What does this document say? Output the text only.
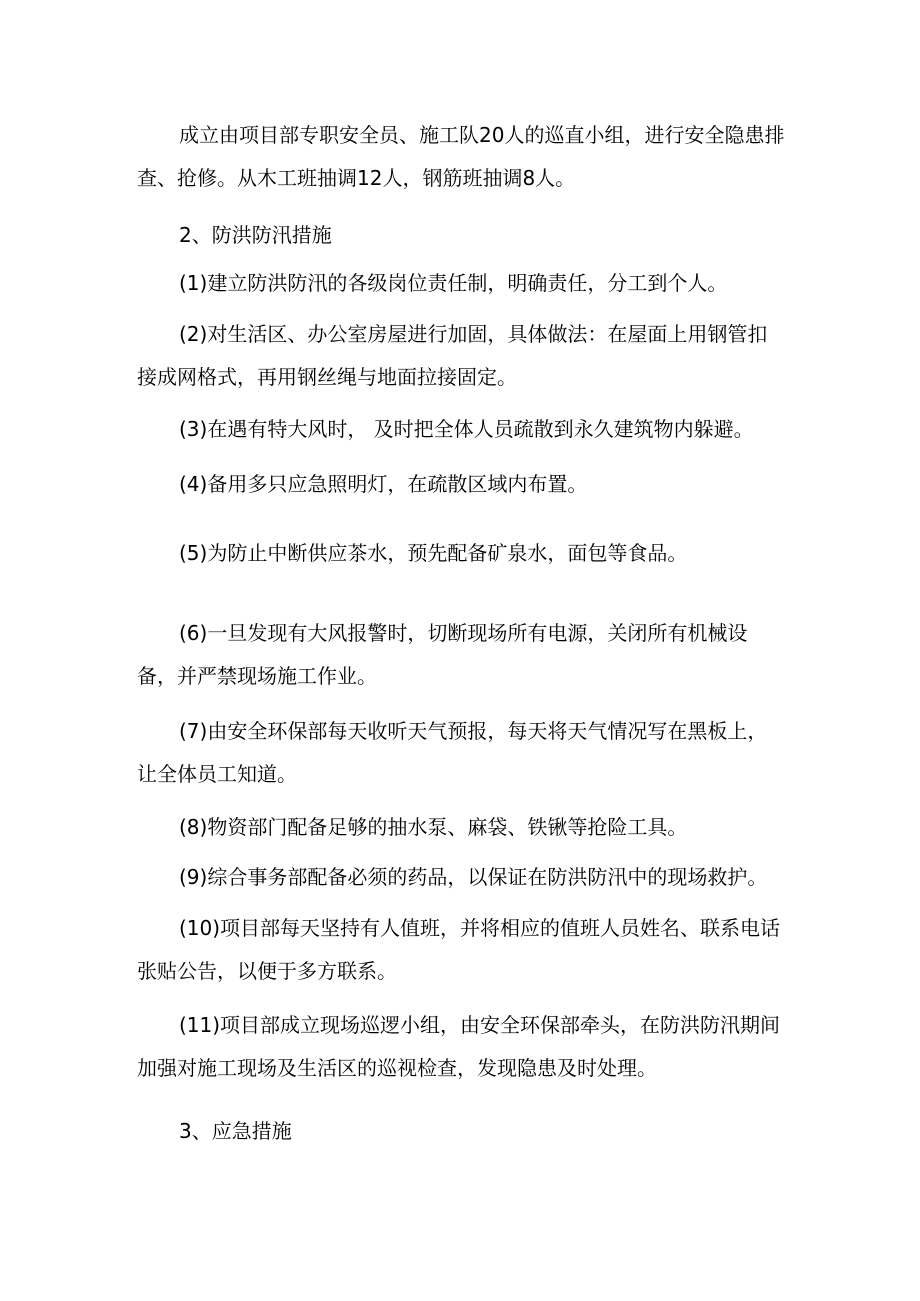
成立由项目部专职安全员、施工队20人的巡直小组，进行安全隐患排查、抢修。从木工班抽调12人，钢筋班抽调8人。

2、防洪防汛措施

(1)建立防洪防汛的各级岗位责任制，明确责任，分工到个人。

(2)对生活区、办公室房屋进行加固，具体做法：在屋面上用钢管扣接成网格式，再用钢丝绳与地面拉接固定。

(3)在遇有特大风时， 及时把全体人员疏散到永久建筑物内躲避。

(4)备用多只应急照明灯，在疏散区域内布置。

(5)为防止中断供应茶水，预先配备矿泉水，面包等食品。

(6)一旦发现有大风报警时，切断现场所有电源，关闭所有机械设备，并严禁现场施工作业。

(7)由安全环保部每天收听天气预报，每天将天气情况写在黑板上，让全体员工知道。

(8)物资部门配备足够的抽水泵、麻袋、铁锹等抢险工具。

(9)综合事务部配备必须的药品，以保证在防洪防汛中的现场救护。

(10)项目部每天坚持有人值班，并将相应的值班人员姓名、联系电话张贴公告，以便于多方联系。

(11)项目部成立现场巡逻小组，由安全环保部牵头，在防洪防汛期间加强对施工现场及生活区的巡视检查，发现隐患及时处理。

3、应急措施
